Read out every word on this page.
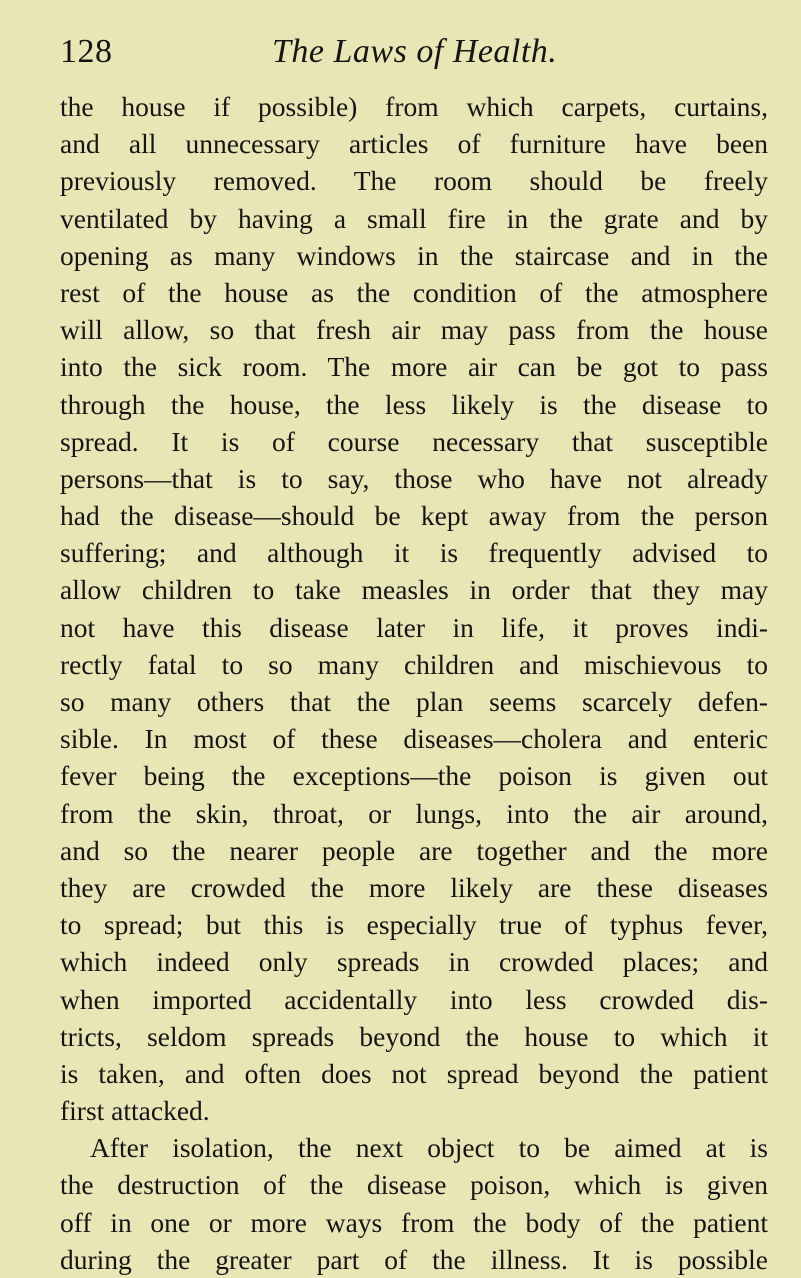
128	The Laws of Health.
the house if possible) from which carpets, curtains,
and all unnecessary articles of furniture have been
previously removed. The room should be freely
ventilated by having a small fire in the grate and by
opening as many windows in the staircase and in the
rest of the house as the condition of the atmosphere
will allow, so that fresh air may pass from the house
into the sick room. The more air can be got to pass
through the house, the less likely is the disease to
spread. It is of course necessary that susceptible
persons—that is to say, those who have not already
had the disease—should be kept away from the person
suffering; and although it is frequently advised to
allow children to take measles in order that they may
not have this disease later in life, it proves indi-
rectly fatal to so many children and mischievous to
so many others that the plan seems scarcely defen-
sible. In most of these diseases—cholera and enteric
fever being the exceptions—the poison is given out
from the skin, throat, or lungs, into the air around,
and so the nearer people are together and the more
they are crowded the more likely are these diseases
to spread; but this is especially true of typhus fever,
which indeed only spreads in crowded places; and
when imported accidentally into less crowded dis-
tricts, seldom spreads beyond the house to which it
is taken, and often does not spread beyond the patient
first attacked.
After isolation, the next object to be aimed at is
the destruction of the disease poison, which is given
off in one or more ways from the body of the patient
during the greater part of the illness. It is possible
